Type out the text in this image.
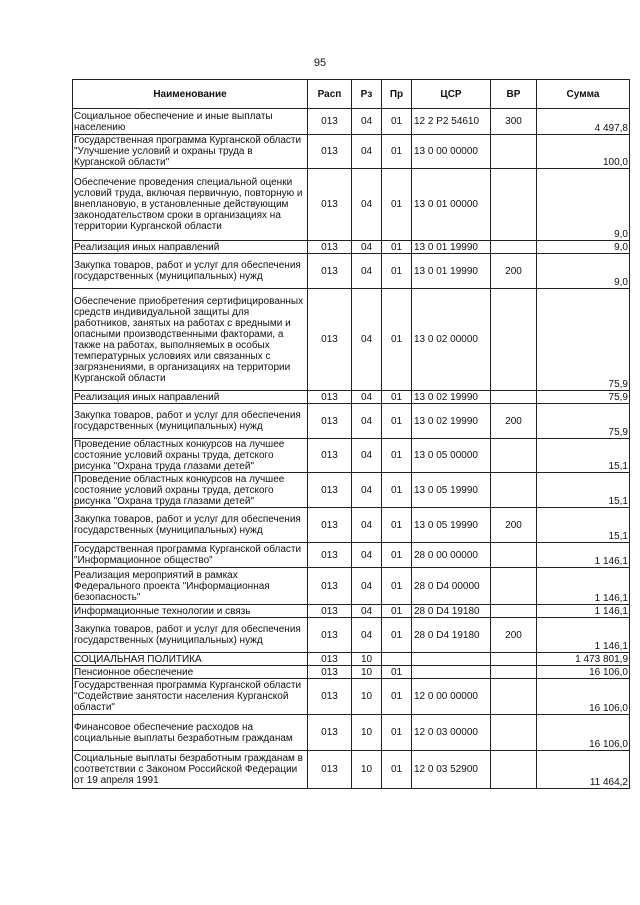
95
Наименование	Расп	Рз	Пр	ЦСР	ВР	Сумма
Социальное обеспечение и иные выплаты населению	013	04	01	12 2 P2 54610	300	4 497,8
Государственная программа Курганской области "Улучшение условий и охраны труда в Курганской области"	013	04	01	13 0 00 00000		100,0
Обеспечение проведения специальной оценки условий труда, включая первичную, повторную и внеплановую, в установленные действующим законодательством сроки в организациях на территории Курганской области	013	04	01	13 0 01 00000		9,0
Реализация иных направлений	013	04	01	13 0 01 19990		9,0
Закупка товаров, работ и услуг для обеспечения государственных (муниципальных) нужд	013	04	01	13 0 01 19990	200	9,0
Обеспечение приобретения сертифицированных средств индивидуальной защиты для работников, занятых на работах с вредными и опасными производственными факторами, а также на работах, выполняемых в особых температурных условиях или связанных с загрязнениями, в организациях на территории Курганской области	013	04	01	13 0 02 00000		75,9
Реализация иных направлений	013	04	01	13 0 02 19990		75,9
Закупка товаров, работ и услуг для обеспечения государственных (муниципальных) нужд	013	04	01	13 0 02 19990	200	75,9
Проведение областных конкурсов на лучшее состояние условий охраны труда, детского рисунка "Охрана труда глазами детей"	013	04	01	13 0 05 00000		15,1
Проведение областных конкурсов на лучшее состояние условий охраны труда, детского рисунка "Охрана труда глазами детей"	013	04	01	13 0 05 19990		15,1
Закупка товаров, работ и услуг для обеспечения государственных (муниципальных) нужд	013	04	01	13 0 05 19990	200	15,1
Государственная программа Курганской области "Информационное общество"	013	04	01	28 0 00 00000		1 146,1
Реализация мероприятий в рамках Федерального проекта "Информационная безопасность"	013	04	01	28 0 D4 00000		1 146,1
Информационные технологии и связь	013	04	01	28 0 D4 19180		1 146,1
Закупка товаров, работ и услуг для обеспечения государственных (муниципальных) нужд	013	04	01	28 0 D4 19180	200	1 146,1
СОЦИАЛЬНАЯ ПОЛИТИКА	013	10				1 473 801,9
Пенсионное обеспечение	013	10	01			16 106,0
Государственная программа Курганской области "Содействие занятости населения Курганской области"	013	10	01	12 0 00 00000		16 106,0
Финансовое обеспечение расходов на социальные выплаты безработным гражданам	013	10	01	12 0 03 00000		16 106,0
Социальные выплаты безработным гражданам в соответствии с Законом Российской Федерации от 19 апреля 1991	013	10	01	12 0 03 52900		11 464,2
